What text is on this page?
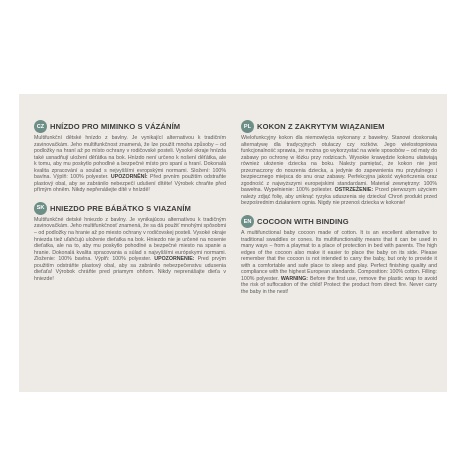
CZ HNÍZDO PRO MIMINKO S VÁZÁNÍM
Multifunkční dětské hnízdo z bavlny. Je vynikající alternativou k tradičním zavinovačkám. Jeho multifunkčnost znamená, že lze použít mnoha způsoby – od podložky na hraní až po místo ochrany v rodičovské posteli. Vysoké okraje hnízda také usnadňují uložení děťátka na bok. Hnízdo není určeno k nošení děťátka, ale k tomu, aby mu poskytlo pohodlné a bezpečné místo pro spaní a hraní. Dokonalá kvalita zpracování a soulad s nejvyššími evropskými normami. Složení: 100% bavlna. Výplň: 100% polyester. UPOZORNĚNÍ: Před prvním použitím odstraňte plastový obal, aby se zabránilo nebezpečí udušení dítěte! Výrobek chraňte před přímým ohněm. Nikdy nepřenášejte dítě v hnízdě!
SK HNIEZDO PRE BÁBÄTKO S VIAZANÍM
Multifunkčné detské hniezdo z bavlny. Je vynikajúcou alternatívou k tradičným zavinovačkám. Jeho multifunkčnosť znamená, že sa dá použiť mnohými spôsobmi – od podložky na hranie až po miesto ochrany v rodičovskej posteli. Vysoké okraje hniezda tiež uľahčujú uloženie dieťatka na bok. Hniezdo nie je určené na nosenie dieťatka, ale na to, aby mu poskytlo pohodlné a bezpečné miesto na spanie a hranie. Dokonalá kvalita spracovania a súlad s najvyššími európskymi normami. Zloženie: 100% bavlna. Výplň: 100% polyester. UPOZORNENIE: Pred prvým použitím odstráňte plastový obal, aby sa zabránilo nebezpečenstvu udusenia dieťaťa! Výrobok chráňte pred priamym ohňom. Nikdy neprenášajte dieťa v hniezde!
PL KOKON Z ZAKRYTYM WIĄZANIEM
Wielofunkcyjny kokon dla niemowlęcia wykonany z bawełny. Stanowi doskonałą alternatywę dla tradycyjnych otulaczy czy rożków. Jego wielostopniowa funkcjonalność sprawia, że można go wykorzystać na wiele sposobów – od maty do zabawy po ochronę w łóżku przy rodzicach. Wysokie krawędzie kokonu ułatwiają również ułożenie dziecka na boku. Należy pamiętać, że kokon nie jest przeznaczony do noszenia dziecka, a jedynie do zapewnienia mu przytulnego i bezpiecznego miejsca do snu oraz zabawy. Perfekcyjna jakość wykończenia oraz zgodność z najwyższymi europejskimi standardami. Materiał zewnętrzny: 100% bawełna. Wypełnienie: 100% poliester. OSTRZEŻENIE: Przed pierwszym użyciem należy zdjąć folię, aby uniknąć ryzyka uduszenia się dziecka! Chroń produkt przed bezpośrednim działaniem ognia. Nigdy nie przenoś dziecka w kokonie!
EN COCOON WITH BINDING
A multifunctional baby cocoon made of cotton. It is an excellent alternative to traditional swaddles or cones. Its multifunctionality means that it can be used in many ways – from a playmat to a place of protection in bed with parents. The high edges of the cocoon also make it easier to place the baby on its side. Please remember that the cocoon is not intended to carry the baby, but only to provide it with a comfortable and safe place to sleep and play. Perfect finishing quality and compliance with the highest European standards. Composition: 100% cotton. Filling: 100% polyester. WARNING: Before the first use, remove the plastic wrap to avoid the risk of suffocation of the child! Protect the product from direct fire. Never carry the baby in the nest!
